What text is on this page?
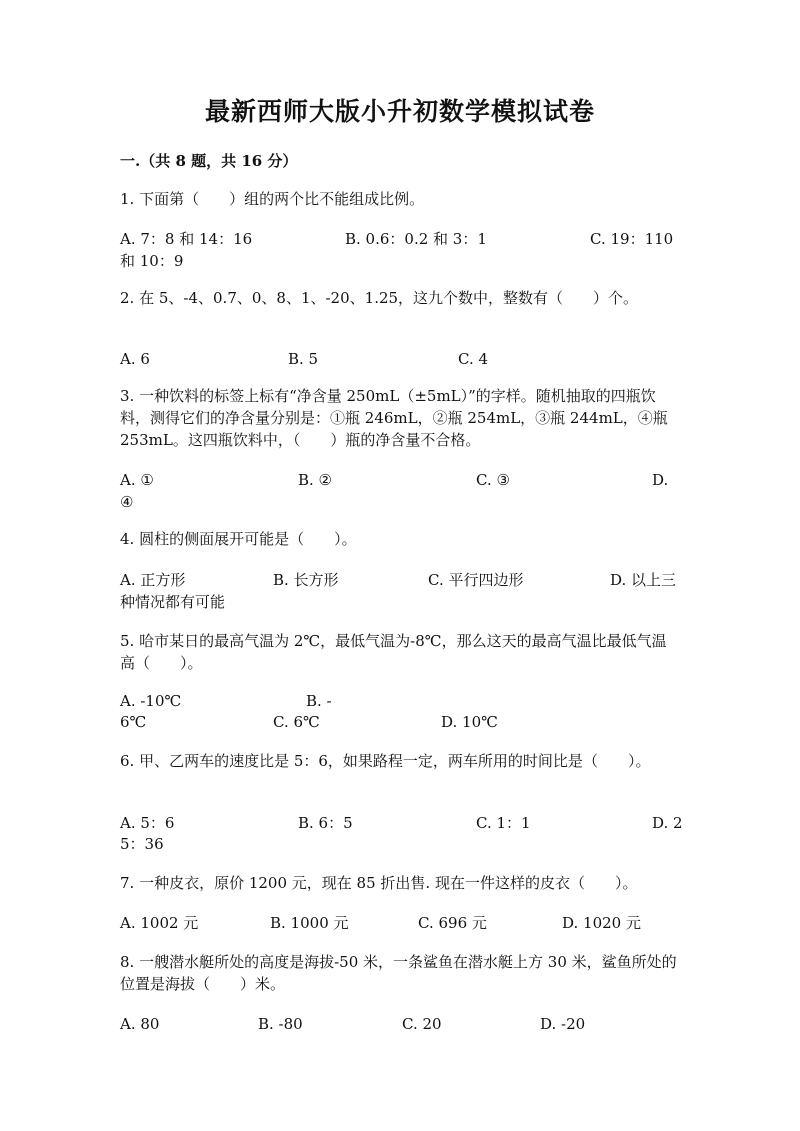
最新西师大版小升初数学模拟试卷
一.（共 8 题，共 16 分）
1. 下面第（　　）组的两个比不能组成比例。
A. 7：8 和 14：16	B. 0.6：0.2 和 3：1	C. 19：110
和 10：9
2. 在 5、-4、0.7、0、8、1、-20、1.25，这九个数中，整数有（　　）个。
A. 6	B. 5	C. 4
3. 一种饮料的标签上标有“净含量 250mL（±5mL）”的字样。随机抽取的四瓶饮料，测得它们的净含量分别是：①瓶 246mL，②瓶 254mL，③瓶 244mL，④瓶 253mL。这四瓶饮料中，（　　）瓶的净含量不合格。
A. ①	B. ②	C. ③	D.
④
4. 圆柱的侧面展开可能是（　　）。
A. 正方形	B. 长方形	C. 平行四边形	D. 以上三
种情况都有可能
5. 哈市某日的最高气温为 2℃，最低气温为-8℃，那么这天的最高气温比最低气温高（　　）。
A. -10℃	B. -
6℃	C. 6℃	D. 10℃
6. 甲、乙两车的速度比是 5：6，如果路程一定，两车所用的时间比是（　　）。
A. 5：6	B. 6：5	C. 1：1	D. 2
5：36
7. 一种皮衣，原价 1200 元，现在 85 折出售. 现在一件这样的皮衣（　　）。
A. 1002 元	B. 1000 元	C. 696 元	D. 1020 元
8. 一艘潜水艇所处的高度是海拔-50 米，一条鲨鱼在潜水艇上方 30 米，鲨鱼所处的位置是海拔（　　）米。
A. 80	B. -80	C. 20	D. -20
